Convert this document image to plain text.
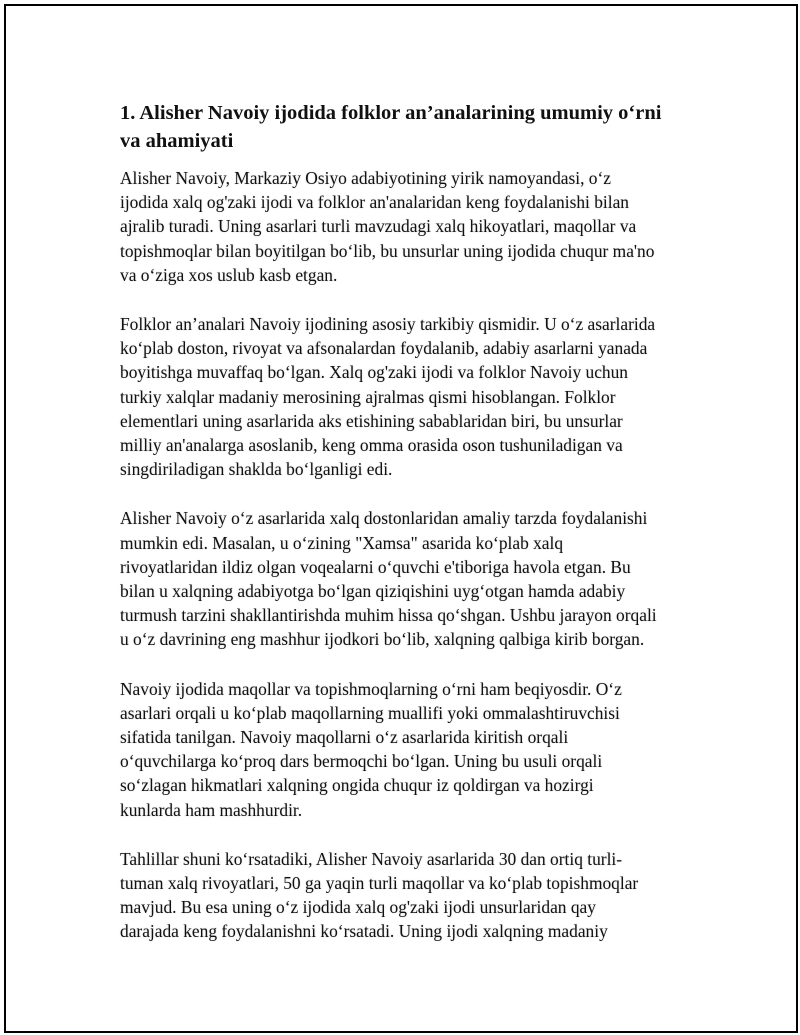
1. Alisher Navoiy ijodida folklor an’analarining umumiy o‘rni
va ahamiyati

Alisher Navoiy, Markaziy Osiyo adabiyotining yirik namoyandasi, o‘z
ijodida xalq og'zaki ijodi va folklor an'analaridan keng foydalanishi bilan
ajralib turadi. Uning asarlari turli mavzudagi xalq hikoyatlari, maqollar va
topishmoqlar bilan boyitilgan bo‘lib, bu unsurlar uning ijodida chuqur ma'no
va o‘ziga xos uslub kasb etgan.

Folklor an’analari Navoiy ijodining asosiy tarkibiy qismidir. U o‘z asarlarida
ko‘plab doston, rivoyat va afsonalardan foydalanib, adabiy asarlarni yanada
boyitishga muvaffaq bo‘lgan. Xalq og'zaki ijodi va folklor Navoiy uchun
turkiy xalqlar madaniy merosining ajralmas qismi hisoblangan. Folklor
elementlari uning asarlarida aks etishining sabablaridan biri, bu unsurlar
milliy an'analarga asoslanib, keng omma orasida oson tushuniladigan va
singdiriladigan shaklda bo‘lganligi edi.

Alisher Navoiy o‘z asarlarida xalq dostonlaridan amaliy tarzda foydalanishi
mumkin edi. Masalan, u o‘zining "Xamsa" asarida ko‘plab xalq
rivoyatlaridan ildiz olgan voqealarni o‘quvchi e'tiboriga havola etgan. Bu
bilan u xalqning adabiyotga bo‘lgan qiziqishini uyg‘otgan hamda adabiy
turmush tarzini shakllantirishda muhim hissa qo‘shgan. Ushbu jarayon orqali
u o‘z davrining eng mashhur ijodkori bo‘lib, xalqning qalbiga kirib borgan.

Navoiy ijodida maqollar va topishmoqlarning o‘rni ham beqiyosdir. O‘z
asarlari orqali u ko‘plab maqollarning muallifi yoki ommalashtiruvchisi
sifatida tanilgan. Navoiy maqollarni o‘z asarlarida kiritish orqali
o‘quvchilarga ko‘proq dars bermoqchi bo‘lgan. Uning bu usuli orqali
so‘zlagan hikmatlari xalqning ongida chuqur iz qoldirgan va hozirgi
kunlarda ham mashhurdir.

Tahlillar shuni ko‘rsatadiki, Alisher Navoiy asarlarida 30 dan ortiq turli-
tuman xalq rivoyatlari, 50 ga yaqin turli maqollar va ko‘plab topishmoqlar
mavjud. Bu esa uning o‘z ijodida xalq og'zaki ijodi unsurlaridan qay
darajada keng foydalanishni ko‘rsatadi. Uning ijodi xalqning madaniy
